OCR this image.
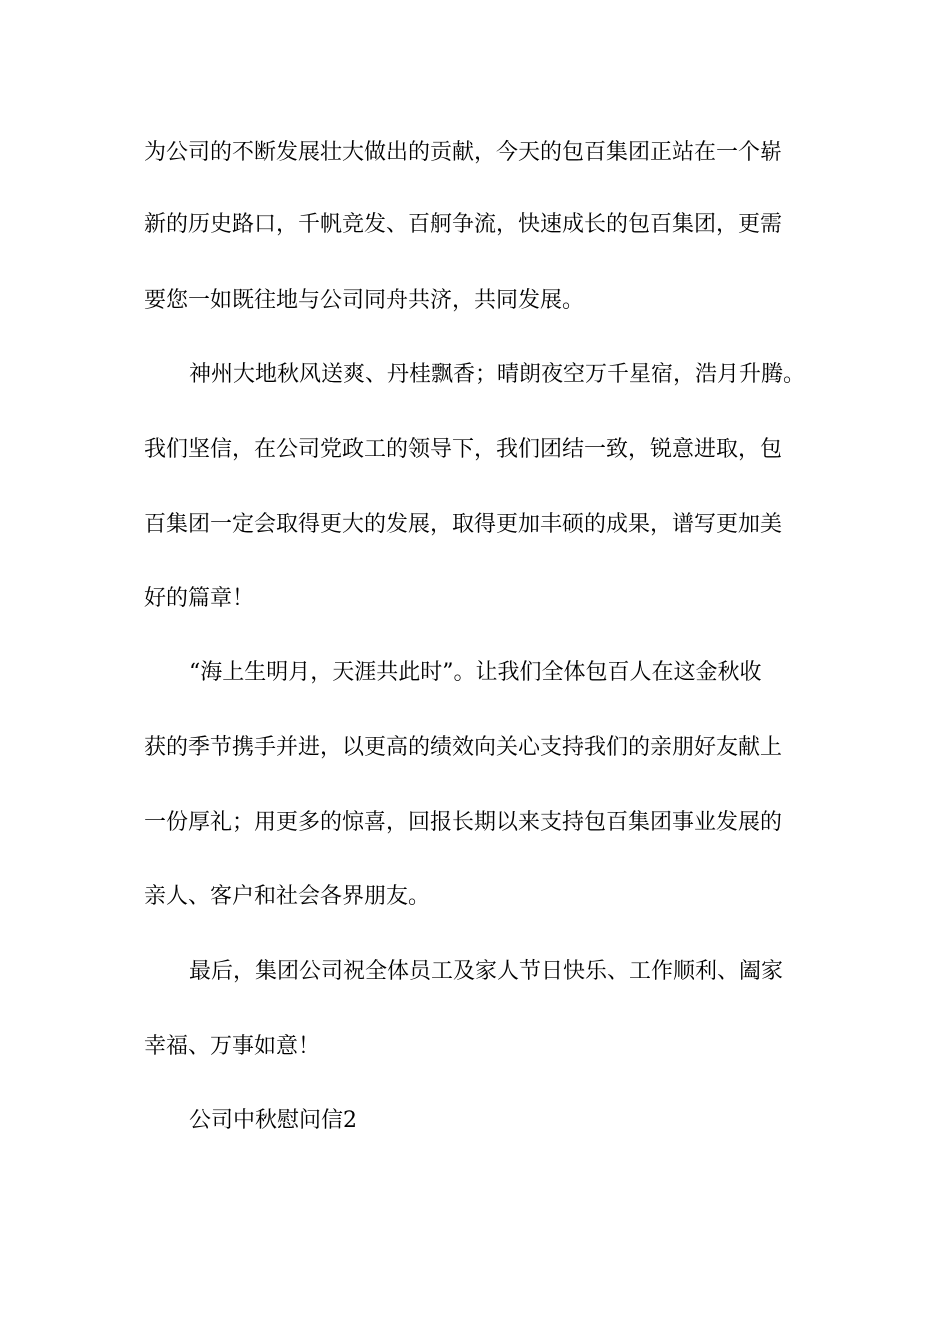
为公司的不断发展壮大做出的贡献，今天的包百集团正站在一个崭
新的历史路口，千帆竞发、百舸争流，快速成长的包百集团，更需
要您一如既往地与公司同舟共济，共同发展。
神州大地秋风送爽、丹桂飘香；晴朗夜空万千星宿，浩月升腾。
我们坚信，在公司党政工的领导下，我们团结一致，锐意进取，包
百集团一定会取得更大的发展，取得更加丰硕的成果，谱写更加美
好的篇章！
“海上生明月，天涯共此时”。让我们全体包百人在这金秋收
获的季节携手并进，以更高的绩效向关心支持我们的亲朋好友献上
一份厚礼；用更多的惊喜，回报长期以来支持包百集团事业发展的
亲人、客户和社会各界朋友。
最后，集团公司祝全体员工及家人节日快乐、工作顺利、阖家
幸福、万事如意！
公司中秋慰问信2
